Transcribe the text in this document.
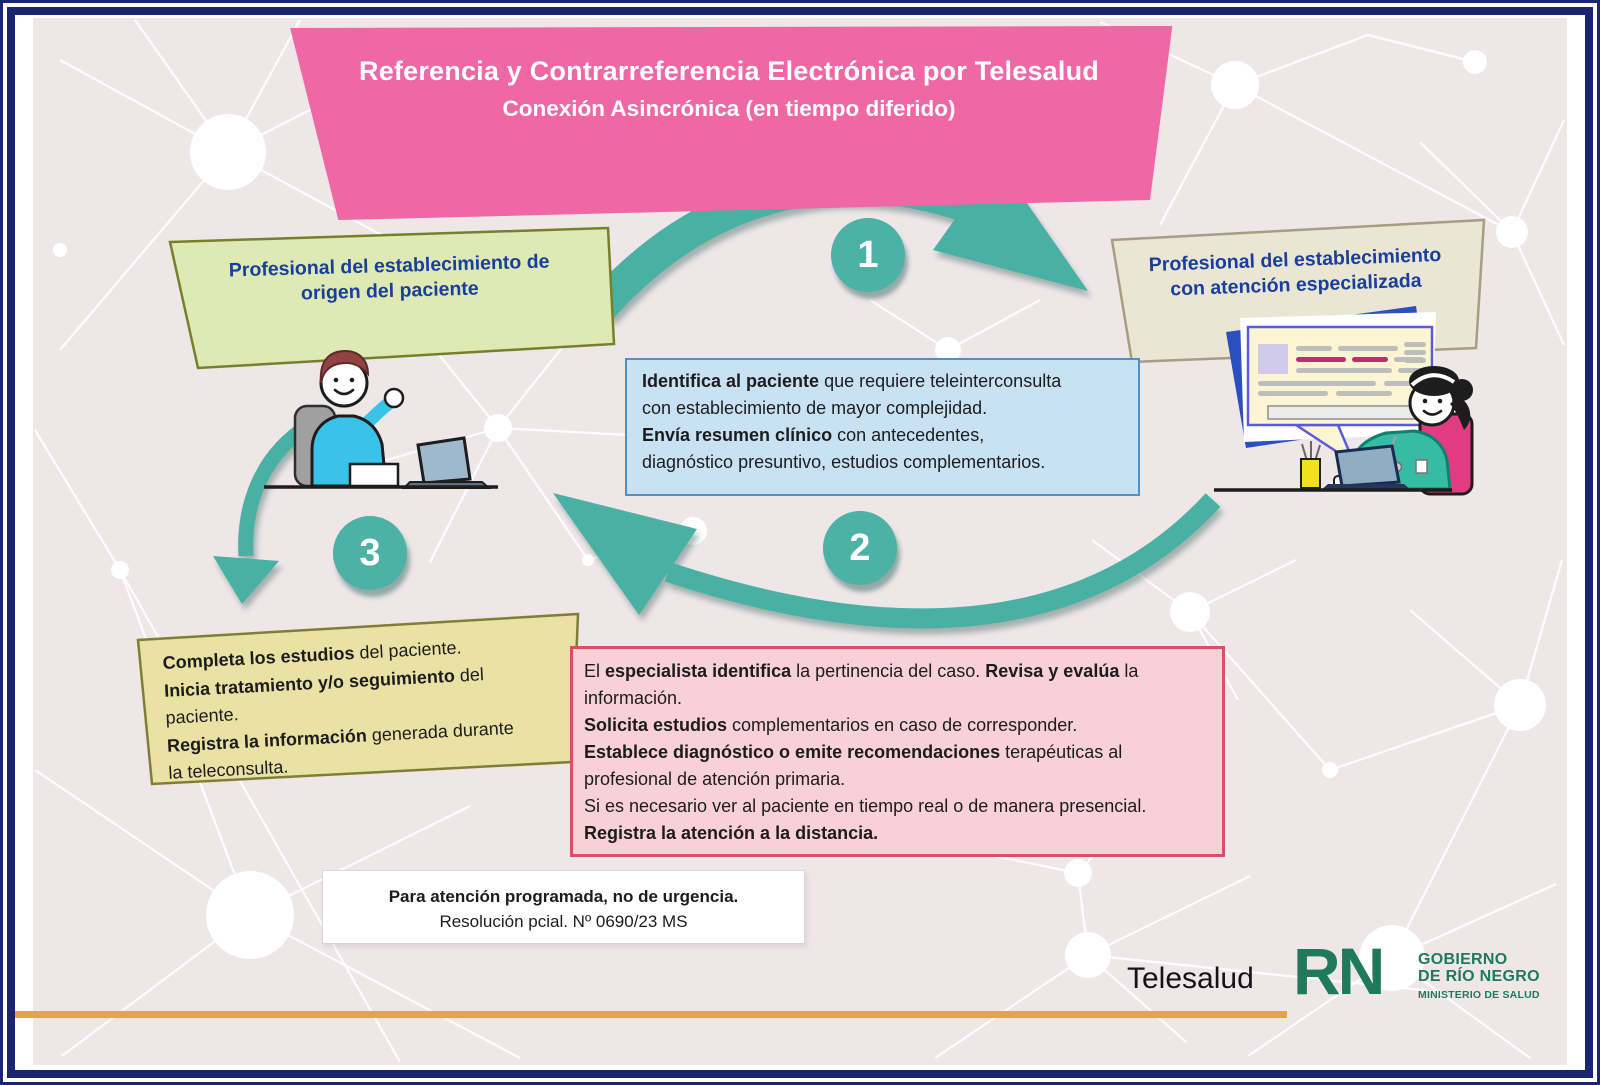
Referencia y Contrarreferencia Electrónica por Telesalud
Conexión Asincrónica (en tiempo diferido)
Profesional del establecimiento de
origen del paciente
Profesional del establecimiento
con atención especializada
Identifica al paciente que requiere teleinterconsulta
con establecimiento de mayor complejidad.
Envía resumen clínico con antecedentes,
diagnóstico presuntivo, estudios complementarios.
El especialista identifica la pertinencia del caso. Revisa y evalúa la
información.
Solicita estudios complementarios en caso de corresponder.
Establece diagnóstico o emite recomendaciones terapéuticas al
profesional de atención primaria.
Si es necesario ver al paciente en tiempo real o de manera presencial.
Registra la atención a la distancia.
Completa los estudios del paciente.
Inicia tratamiento y/o seguimiento del
paciente.
Registra la información generada durante
la teleconsulta.
Para atención programada, no de urgencia.
Resolución pcial. Nº 0690/23 MS
1
2
3
Telesalud RN GOBIERNO
DE RÍO NEGRO
MINISTERIO DE SALUD
